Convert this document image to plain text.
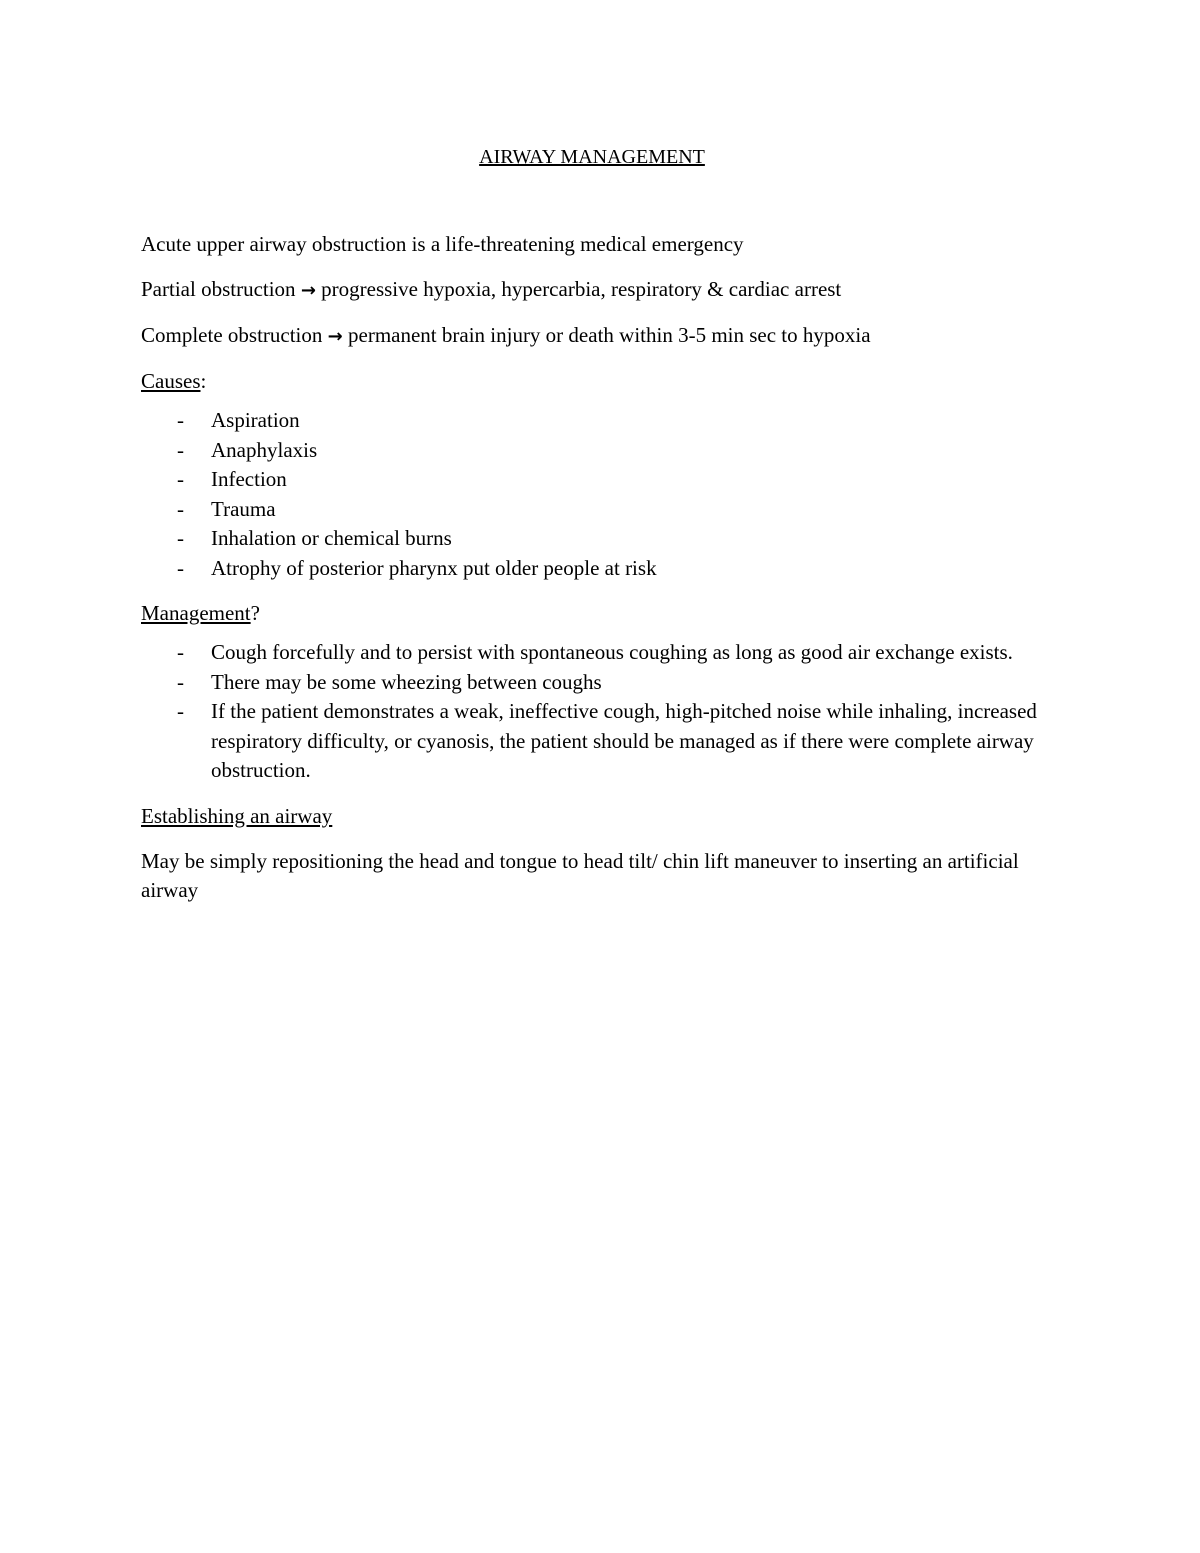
AIRWAY MANAGEMENT

Acute upper airway obstruction is a life-threatening medical emergency

Partial obstruction → progressive hypoxia, hypercarbia, respiratory & cardiac arrest

Complete obstruction → permanent brain injury or death within 3-5 min sec to hypoxia

Causes:

- Aspiration
- Anaphylaxis
- Infection
- Trauma
- Inhalation or chemical burns
- Atrophy of posterior pharynx put older people at risk

Management?

- Cough forcefully and to persist with spontaneous coughing as long as good air exchange exists.
- There may be some wheezing between coughs
- If the patient demonstrates a weak, ineffective cough, high-pitched noise while inhaling, increased respiratory difficulty, or cyanosis, the patient should be managed as if there were complete airway obstruction.

Establishing an airway

May be simply repositioning the head and tongue to head tilt/ chin lift maneuver to inserting an artificial airway
